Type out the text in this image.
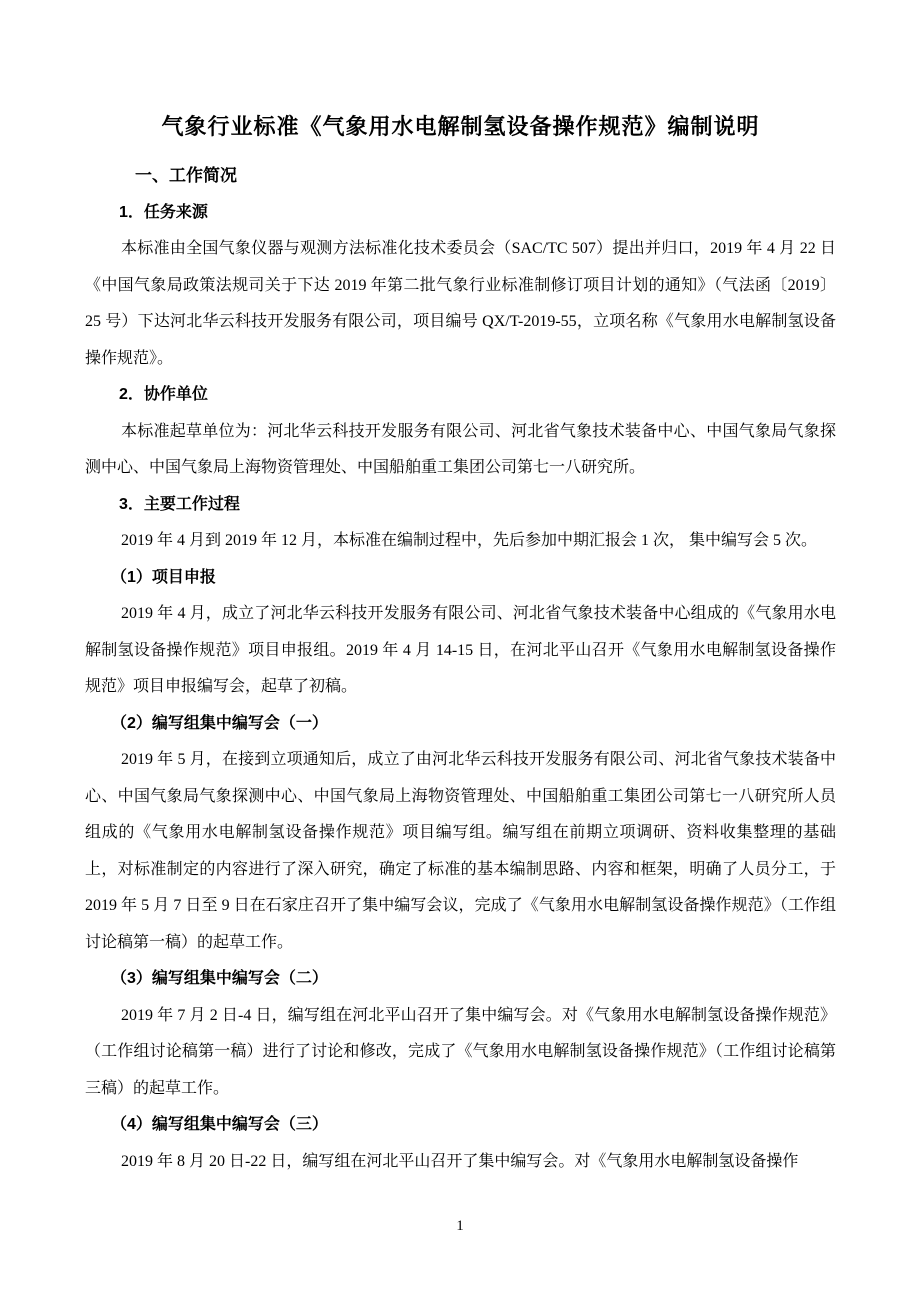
气象行业标准《气象用水电解制氢设备操作规范》编制说明
一、工作简况
1．任务来源

本标准由全国气象仪器与观测方法标准化技术委员会（SAC/TC 507）提出并归口，2019 年 4 月 22 日《中国气象局政策法规司关于下达 2019 年第二批气象行业标准制修订项目计划的通知》（气法函〔2019〕25 号）下达河北华云科技开发服务有限公司，项目编号 QX/T-2019-55，立项名称《气象用水电解制氢设备操作规范》。

2．协作单位

本标准起草单位为：河北华云科技开发服务有限公司、河北省气象技术装备中心、中国气象局气象探测中心、中国气象局上海物资管理处、中国船舶重工集团公司第七一八研究所。

3．主要工作过程

2019 年 4 月到 2019 年 12 月，本标准在编制过程中，先后参加中期汇报会 1 次， 集中编写会 5 次。

（1）项目申报

2019 年 4 月，成立了河北华云科技开发服务有限公司、河北省气象技术装备中心组成的《气象用水电解制氢设备操作规范》项目申报组。2019 年 4 月 14-15 日，在河北平山召开《气象用水电解制氢设备操作规范》项目申报编写会，起草了初稿。

（2）编写组集中编写会（一）

2019 年 5 月，在接到立项通知后，成立了由河北华云科技开发服务有限公司、河北省气象技术装备中心、中国气象局气象探测中心、中国气象局上海物资管理处、中国船舶重工集团公司第七一八研究所人员组成的《气象用水电解制氢设备操作规范》项目编写组。编写组在前期立项调研、资料收集整理的基础上，对标准制定的内容进行了深入研究，确定了标准的基本编制思路、内容和框架，明确了人员分工，于 2019 年 5 月 7 日至 9 日在石家庄召开了集中编写会议，完成了《气象用水电解制氢设备操作规范》（工作组讨论稿第一稿）的起草工作。

（3）编写组集中编写会（二）

2019 年 7 月 2 日-4 日，编写组在河北平山召开了集中编写会。对《气象用水电解制氢设备操作规范》（工作组讨论稿第一稿）进行了讨论和修改，完成了《气象用水电解制氢设备操作规范》（工作组讨论稿第三稿）的起草工作。

（4）编写组集中编写会（三）

2019 年 8 月 20 日-22 日，编写组在河北平山召开了集中编写会。对《气象用水电解制氢设备操作

1
